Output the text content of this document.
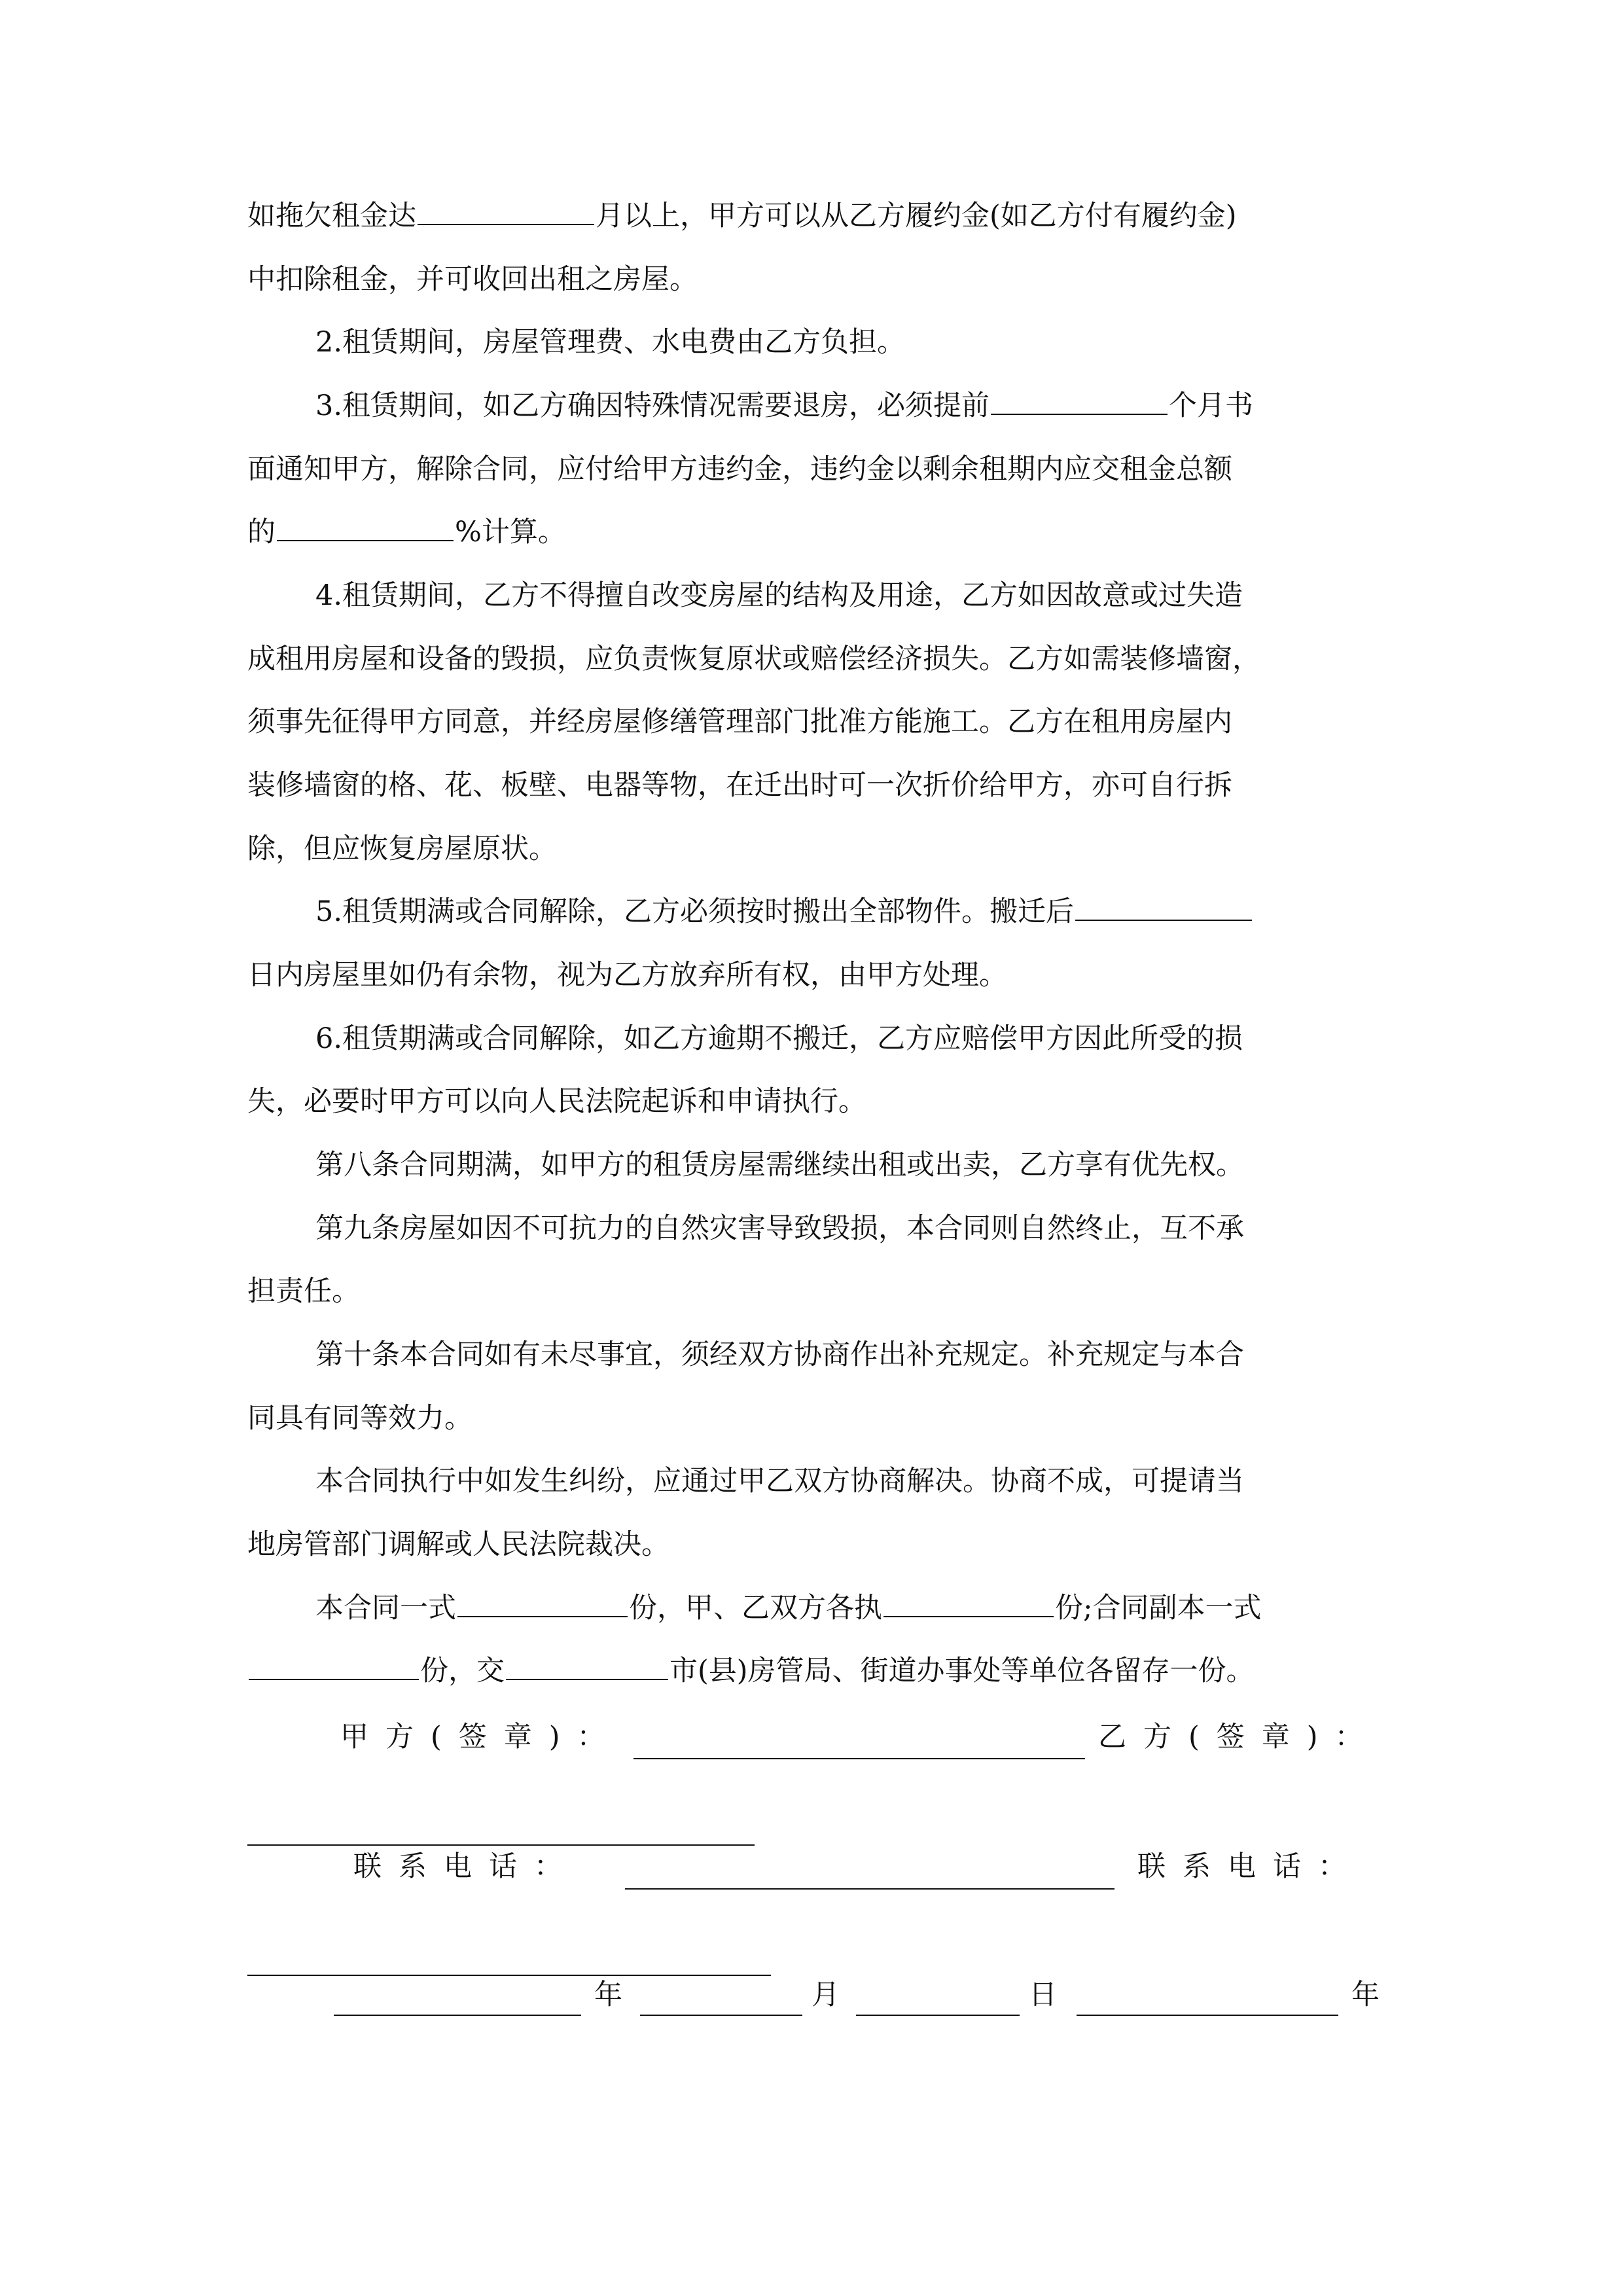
如拖欠租金达	月以上，甲方可以从乙方履约金(如乙方付有履约金)
中扣除租金，并可收回出租之房屋。
2.租赁期间，房屋管理费、水电费由乙方负担。
3.租赁期间，如乙方确因特殊情况需要退房，必须提前	个月书
面通知甲方，解除合同，应付给甲方违约金，违约金以剩余租期内应交租金总额
的	%计算。
4.租赁期间，乙方不得擅自改变房屋的结构及用途，乙方如因故意或过失造
成租用房屋和设备的毁损，应负责恢复原状或赔偿经济损失。乙方如需装修墙窗，
须事先征得甲方同意，并经房屋修缮管理部门批准方能施工。乙方在租用房屋内
装修墙窗的格、花、板壁、电器等物，在迁出时可一次折价给甲方，亦可自行拆
除，但应恢复房屋原状。
5.租赁期满或合同解除，乙方必须按时搬出全部物件。搬迁后
日内房屋里如仍有余物，视为乙方放弃所有权，由甲方处理。
6.租赁期满或合同解除，如乙方逾期不搬迁，乙方应赔偿甲方因此所受的损
失，必要时甲方可以向人民法院起诉和申请执行。
第八条合同期满，如甲方的租赁房屋需继续出租或出卖，乙方享有优先权。
第九条房屋如因不可抗力的自然灾害导致毁损，本合同则自然终止，互不承
担责任。
第十条本合同如有未尽事宜，须经双方协商作出补充规定。补充规定与本合
同具有同等效力。
本合同执行中如发生纠纷，应通过甲乙双方协商解决。协商不成，可提请当
地房管部门调解或人民法院裁决。
本合同一式	份，甲、乙双方各执	份;合同副本一式
份，交	市(县)房管局、街道办事处等单位各留存一份。
甲方(签章)：	乙方(签章)：
联系电话：	联系电话：
年	月	日	年
